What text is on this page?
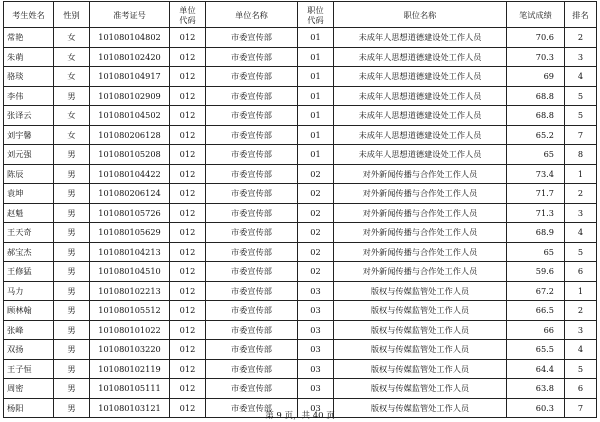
考生姓名	性别	准考证号	单位代码	单位名称	职位代码	职位名称	笔试成绩	排名
常艳	女	101080104802	012	市委宣传部	01	未成年人思想道德建设处工作人员	70.6	2
朱萌	女	101080102420	012	市委宣传部	01	未成年人思想道德建设处工作人员	70.3	3
骆琰	女	101080104917	012	市委宣传部	01	未成年人思想道德建设处工作人员	69	4
李伟	男	101080102909	012	市委宣传部	01	未成年人思想道德建设处工作人员	68.8	5
张译云	女	101080104502	012	市委宣传部	01	未成年人思想道德建设处工作人员	68.8	5
刘宇馨	女	101080206128	012	市委宣传部	01	未成年人思想道德建设处工作人员	65.2	7
刘元强	男	101080105208	012	市委宣传部	01	未成年人思想道德建设处工作人员	65	8
陈辰	男	101080104422	012	市委宣传部	02	对外新闻传播与合作处工作人员	73.4	1
袁坤	男	101080206124	012	市委宣传部	02	对外新闻传播与合作处工作人员	71.7	2
赵魁	男	101080105726	012	市委宣传部	02	对外新闻传播与合作处工作人员	71.3	3
王天奇	男	101080105629	012	市委宣传部	02	对外新闻传播与合作处工作人员	68.9	4
郝宝杰	男	101080104213	012	市委宣传部	02	对外新闻传播与合作处工作人员	65	5
王修猛	男	101080104510	012	市委宣传部	02	对外新闻传播与合作处工作人员	59.6	6
马力	男	101080102213	012	市委宣传部	03	版权与传媒监管处工作人员	67.2	1
顾林翰	男	101080105512	012	市委宣传部	03	版权与传媒监管处工作人员	66.5	2
张峰	男	101080101022	012	市委宣传部	03	版权与传媒监管处工作人员	66	3
双扬	男	101080103220	012	市委宣传部	03	版权与传媒监管处工作人员	65.5	4
王子恒	男	101080102119	012	市委宣传部	03	版权与传媒监管处工作人员	64.4	5
周密	男	101080105111	012	市委宣传部	03	版权与传媒监管处工作人员	63.8	6
杨阳	男	101080103121	012	市委宣传部	03	版权与传媒监管处工作人员	60.3	7
第 9 页，共 40 页
